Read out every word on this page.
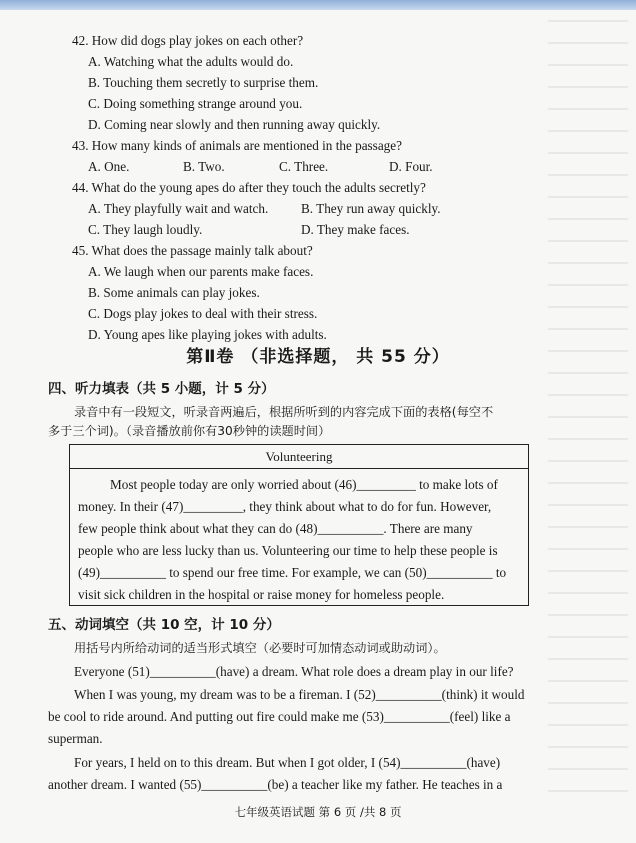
42. How did dogs play jokes on each other?
A. Watching what the adults would do.
B. Touching them secretly to surprise them.
C. Doing something strange around you.
D. Coming near slowly and then running away quickly.
43. How many kinds of animals are mentioned in the passage?
A. One.	B. Two.	C. Three.	D. Four.
44. What do the young apes do after they touch the adults secretly?
A. They playfully wait and watch. B. They run away quickly.
C. They laugh loudly.	D. They make faces.
45. What does the passage mainly talk about?
A. We laugh when our parents make faces.
B. Some animals can play jokes.
C. Dogs play jokes to deal with their stress.
D. Young apes like playing jokes with adults.
第Ⅱ卷 （非选择题， 共 55 分）
四、听力填表（共 5 小题，计 5 分）
录音中有一段短文，听录音两遍后，根据所听到的内容完成下面的表格(每空不
多于三个词)。（录音播放前你有30秒钟的读题时间）
Volunteering
Most people today are only worried about (46)_________ to make lots of
money. In their (47)_________, they think about what to do for fun. However,
few people think about what they can do (48)__________. There are many
people who are less lucky than us. Volunteering our time to help these people is
(49)__________ to spend our free time. For example, we can (50)__________ to
visit sick children in the hospital or raise money for homeless people.
五、动词填空（共 10 空，计 10 分）
用括号内所给动词的适当形式填空（必要时可加情态动词或助动词）。
Everyone (51)__________(have) a dream. What role does a dream play in our life?
When I was young, my dream was to be a fireman. I (52)__________(think) it would
be cool to ride around. And putting out fire could make me (53)__________(feel) like a
superman.
For years, I held on to this dream. But when I got older, I (54)__________(have)
another dream. I wanted (55)__________(be) a teacher like my father. He teaches in a
七年级英语试题 第 6 页 /共 8 页
